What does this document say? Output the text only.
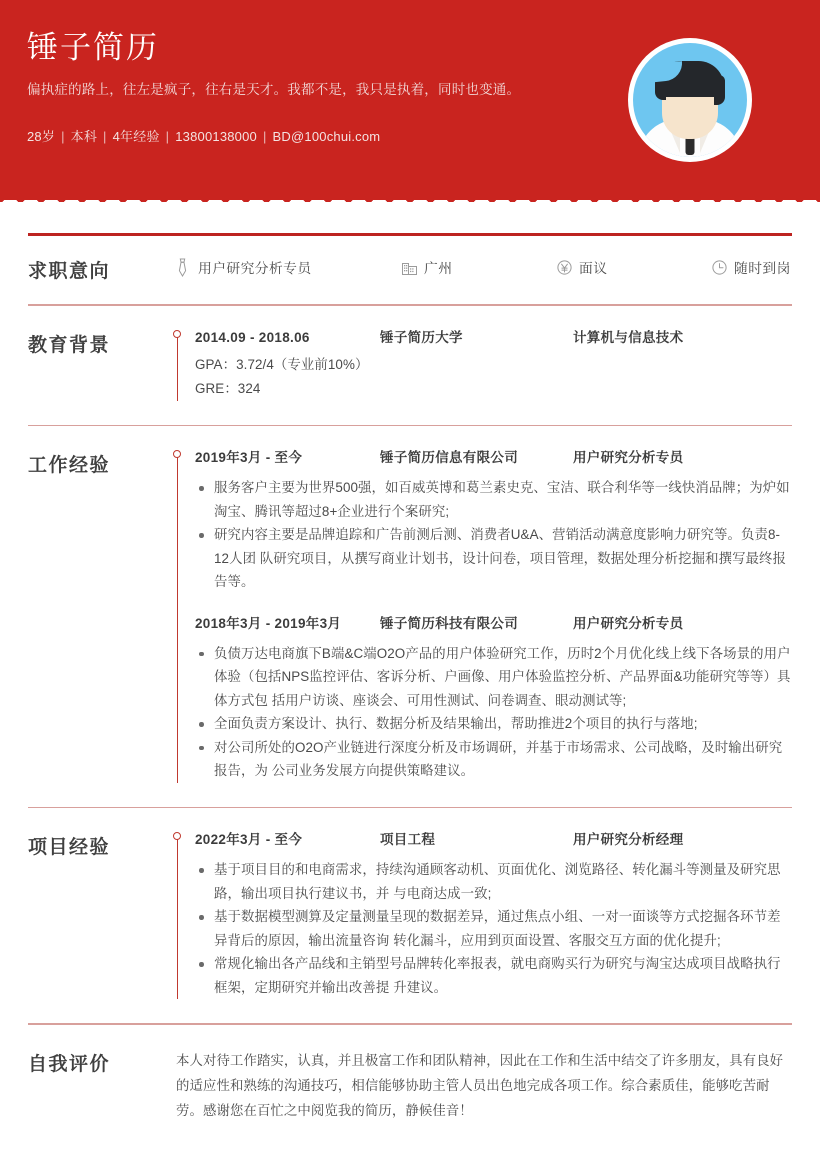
锤子简历
偏执症的路上，往左是疯子，往右是天才。我都不是，我只是执着，同时也变通。
28岁 | 本科 | 4年经验 | 13800138000 | BD@100chui.com
求职意向	用户研究分析专员	广州	面议	随时到岗
教育背景	2014.09 - 2018.06	锤子简历大学	计算机与信息技术
GPA：3.72/4（专业前10%）
GRE：324
工作经验	2019年3月 - 至今	锤子简历信息有限公司	用户研究分析专员
服务客户主要为世界500强，如百威英博和葛兰素史克、宝洁、联合利华等一线快消品牌；为炉如淘宝、腾讯等超过8+企业进行个案研究;
研究内容主要是品牌追踪和广告前测后测、消费者U&A、营销活动满意度影响力研究等。负责8-12人团 队研究项目，从撰写商业计划书，设计问卷，项目管理，数据处理分析挖掘和撰写最终报告等。
2018年3月 - 2019年3月	锤子简历科技有限公司	用户研究分析专员
负债万达电商旗下B端&C端O2O产品的用户体验研究工作，历时2个月优化线上线下各场景的用户体验（包括NPS监控评估、客诉分析、户画像、用户体验监控分析、产品界面&功能研究等等）具体方式包 括用户访谈、座谈会、可用性测试、问卷调查、眼动测试等;
全面负责方案设计、执行、数据分析及结果输出，帮助推进2个项目的执行与落地;
对公司所处的O2O产业链进行深度分析及市场调研，并基于市场需求、公司战略，及时输出研究报告，为 公司业务发展方向提供策略建议。
项目经验	2022年3月 - 至今	项目工程	用户研究分析经理
基于项目目的和电商需求，持续沟通顾客动机、页面优化、浏览路径、转化漏斗等测量及研究思路，输出项目执行建议书，并 与电商达成一致;
基于数据模型测算及定量测量呈现的数据差异，通过焦点小组、一对一面谈等方式挖掘各环节差异背后的原因，输出流量咨询 转化漏斗，应用到页面设置、客服交互方面的优化提升;
常规化输出各产品线和主销型号品牌转化率报表，就电商购买行为研究与淘宝达成项目战略执行框架，定期研究并输出改善提 升建议。
自我评价	本人对待工作踏实，认真，并且极富工作和团队精神，因此在工作和生活中结交了许多朋友，具有良好的适应性和熟练的沟通技巧，相信能够协助主管人员出色地完成各项工作。综合素质佳，能够吃苦耐劳。感谢您在百忙之中阅览我的简历，静候佳音！
